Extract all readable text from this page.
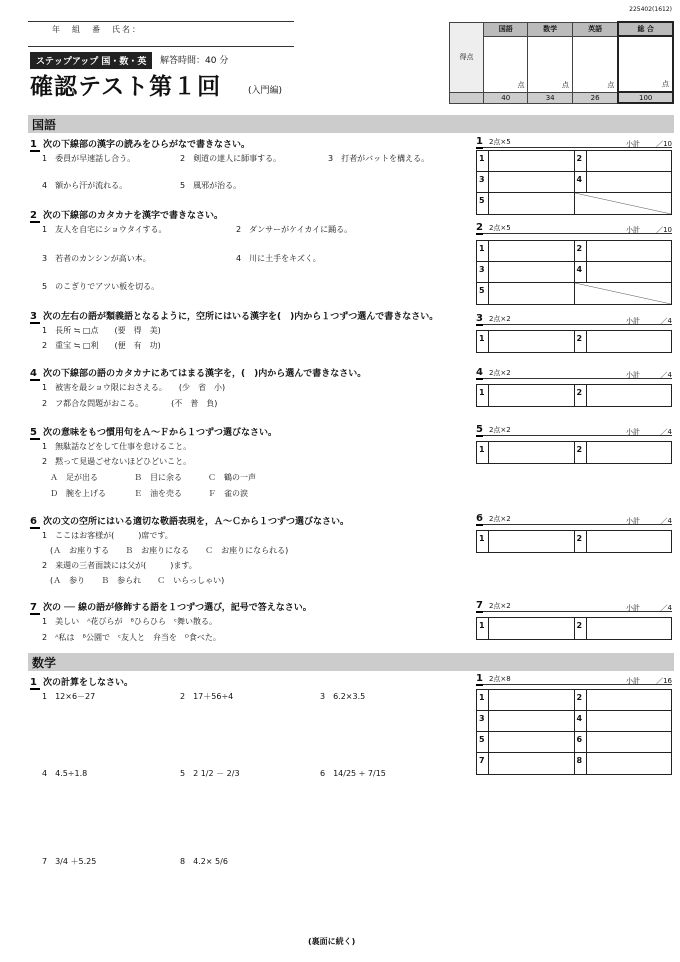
225402(1612)
年　組　番　氏名：
ステップアップ 国・数・英	解答時間：40 分
確認テスト第１回	(入門編)
得点	国語	数学	英語	総 合
	点	点	点	点
	40	34	26	100
国語
1 次の下線部の漢字の読みをひらがなで書きなさい。
1　委員が早速話し合う。	2　剣道の達人に師事する。	3　打者がバットを構える。
4　額から汗が流れる。	5　風邪が治る。
2 次の下線部のカタカナを漢字で書きなさい。
1　友人を自宅にショウタイする。	2　ダンサーがケイカイに踊る。
3　若者のカンシンが高い本。	4　川に土手をキズく。
5　のこぎりでアツい板を切る。
3 次の左右の語が類義語となるように，空所にはいる漢字を(　)内から１つずつ選んで書きなさい。
1　長所 ≒ □点　　(要　得　美)
2　重宝 ≒ □利　　(便　有　功)
4 次の下線部の語のカタカナにあてはまる漢字を，(　)内から選んで書きなさい。
1　被害を最ショウ限におさえる。　　(少　省　小)
2　フ都合な問題がおこる。　　　　(不　普　負)
5 次の意味をもつ慣用句をＡ～Ｆから１つずつ選びなさい。
1　無駄話などをして仕事を怠けること。
2　黙って見過ごせないほどひどいこと。
Ａ　足が出る	Ｂ　目に余る	Ｃ　鶴の一声
Ｄ　腕を上げる	Ｅ　油を売る	Ｆ　雀の涙
6 次の文の空所にはいる適切な敬語表現を，Ａ～Ｃから１つずつ選びなさい。
1　ここはお客様が(　　　)席です。
(Ａ　お座りする　　Ｂ　お座りになる　　Ｃ　お座りになられる)
2　来週の三者面談には父が(　　　)ます。
(Ａ　参り　　Ｂ　参られ　　Ｃ　いらっしゃい)
7 次の ── 線の語が修飾する語を１つずつ選び，記号で答えなさい。
1　美しい　ᴬ花びらが　ᴮひらひら　ᶜ舞い散る。
2　ᴬ私は　ᴮ公園で　ᶜ友人と　弁当を　ᴰ食べた。
数学
1 次の計算をしなさい。
1　12×6－27	2　17＋56÷4	3　6.2×3.5
4　4.5÷1.8	5　2 1/2 － 2/3	6　14/25 ÷ 7/15
7　3/4 ＋5.25	8　4.2× 5/6
1 2点×5	小計 ／10
1	2
3	4
5
2 2点×5	小計 ／10
1	2
3	4
5
3 2点×2	小計	／4
1	2
4 2点×2	小計	／4
1	2
5 2点×2	小計	／4
1	2
6 2点×2	小計	／4
1	2
7 2点×2	小計	／4
1	2
1 2点×8	小計 ／16
1	2
3	4
5	6
7	8
(裏面に続く)
